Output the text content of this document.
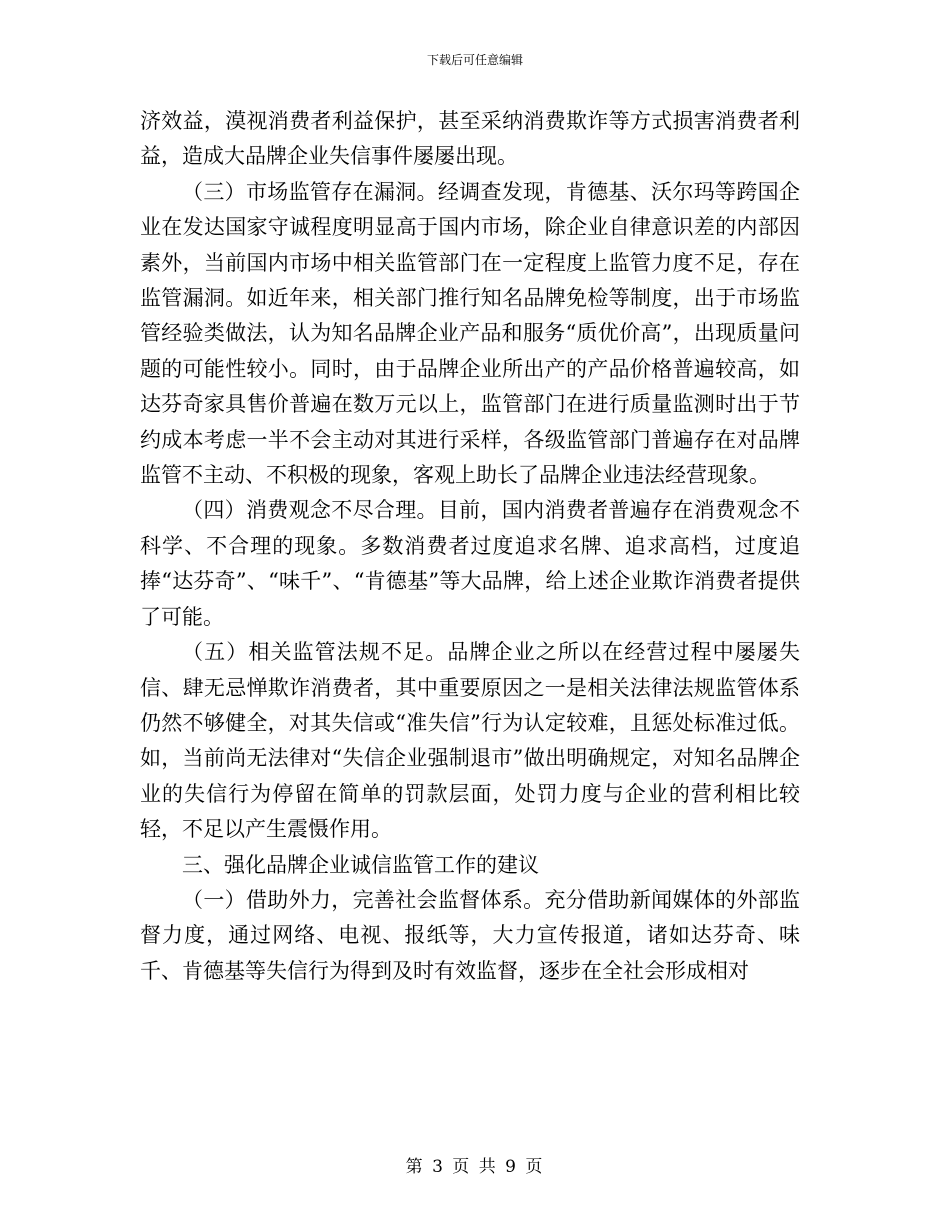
下载后可任意编辑

济效益，漠视消费者利益保护，甚至采纳消费欺诈等方式损害消费者利益，造成大品牌企业失信事件屡屡出现。

（三）市场监管存在漏洞。经调查发现，肯德基、沃尔玛等跨国企业在发达国家守诚程度明显高于国内市场，除企业自律意识差的内部因素外，当前国内市场中相关监管部门在一定程度上监管力度不足，存在监管漏洞。如近年来，相关部门推行知名品牌免检等制度，出于市场监管经验类做法，认为知名品牌企业产品和服务“质优价高”，出现质量问题的可能性较小。同时，由于品牌企业所出产的产品价格普遍较高，如达芬奇家具售价普遍在数万元以上，监管部门在进行质量监测时出于节约成本考虑一半不会主动对其进行采样，各级监管部门普遍存在对品牌监管不主动、不积极的现象，客观上助长了品牌企业违法经营现象。

（四）消费观念不尽合理。目前，国内消费者普遍存在消费观念不科学、不合理的现象。多数消费者过度追求名牌、追求高档，过度追捧“达芬奇”、“味千”、“肯德基”等大品牌，给上述企业欺诈消费者提供了可能。

（五）相关监管法规不足。品牌企业之所以在经营过程中屡屡失信、肆无忌惮欺诈消费者，其中重要原因之一是相关法律法规监管体系仍然不够健全，对其失信或“准失信”行为认定较难，且惩处标准过低。如，当前尚无法律对“失信企业强制退市”做出明确规定，对知名品牌企业的失信行为停留在简单的罚款层面，处罚力度与企业的营利相比较轻，不足以产生震慑作用。

三、强化品牌企业诚信监管工作的建议

（一）借助外力，完善社会监督体系。充分借助新闻媒体的外部监督力度，通过网络、电视、报纸等，大力宣传报道，诸如达芬奇、味千、肯德基等失信行为得到及时有效监督，逐步在全社会形成相对

第 3 页 共 9 页
